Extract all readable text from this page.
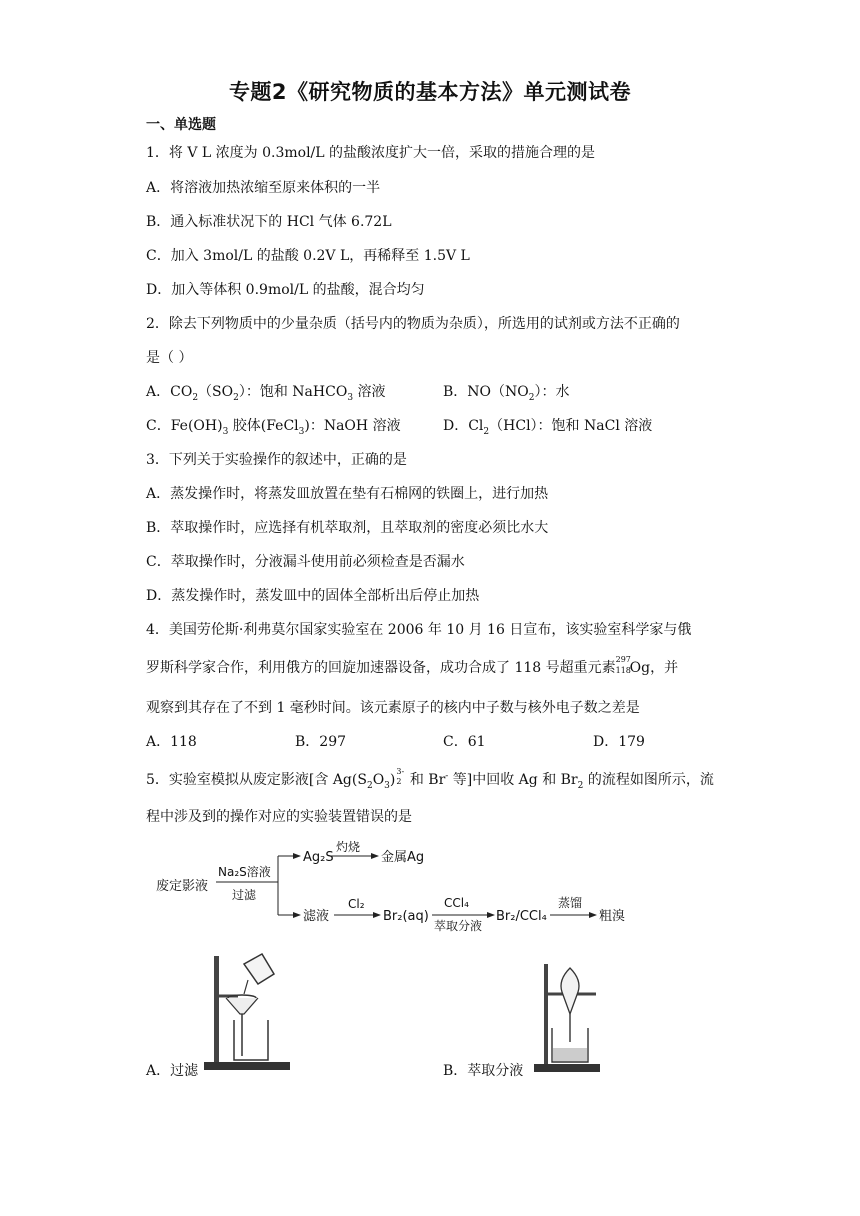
专题2《研究物质的基本方法》单元测试卷
一、单选题
1．将 V L 浓度为 0.3mol/L 的盐酸浓度扩大一倍，采取的措施合理的是
A．将溶液加热浓缩至原来体积的一半
B．通入标准状况下的 HCl 气体 6.72L
C．加入 3mol/L 的盐酸 0.2V L，再稀释至 1.5V L
D．加入等体积 0.9mol/L 的盐酸，混合均匀
2．除去下列物质中的少量杂质（括号内的物质为杂质），所选用的试剂或方法不正确的
是（ ）
A．$CO_2(SO_2)$：饱和 NaHCO$_3$ 溶液	B．$NO(NO_2)$：水
C．$Fe(OH)_3$ 胶体(FeCl$_3$)：NaOH 溶液	D．$Cl_2(HCl)$：饱和 NaCl 溶液
3．下列关于实验操作的叙述中，正确的是
A．蒸发操作时，将蒸发皿放置在垫有石棉网的铁圈上，进行加热
B．萃取操作时，应选择有机萃取剂，且萃取剂的密度必须比水大
C．萃取操作时，分液漏斗使用前必须检查是否漏水
D．蒸发操作时，蒸发皿中的固体全部析出后停止加热
4．美国劳伦斯·利弗莫尔国家实验室在 2006 年 10 月 16 日宣布，该实验室科学家与俄
罗斯科学家合作，利用俄方的回旋加速器设备，成功合成了 118 号超重元素
297
118
Og，并
观察到其存在了不到 1 毫秒时间。该元素原子的核内中子数与核外电子数之差是
A．118	B．297	C．61	D．179
5．实验室模拟从废定影液[含 $Ag(S_2O_3)$
3-
2 和 Br- 等]中回收 Ag 和 $Br_2$ 的流程如图所示，流
程中涉及到的操作对应的实验装置错误的是
废定影液
Na₂S溶液
过滤
Ag₂S
灼烧
金属Ag
滤液
Cl₂
Br₂(aq)
CCl₄
萃取分液
Br₂/CCl₄
蒸馏
粗溴
A．过滤	B．萃取分液
